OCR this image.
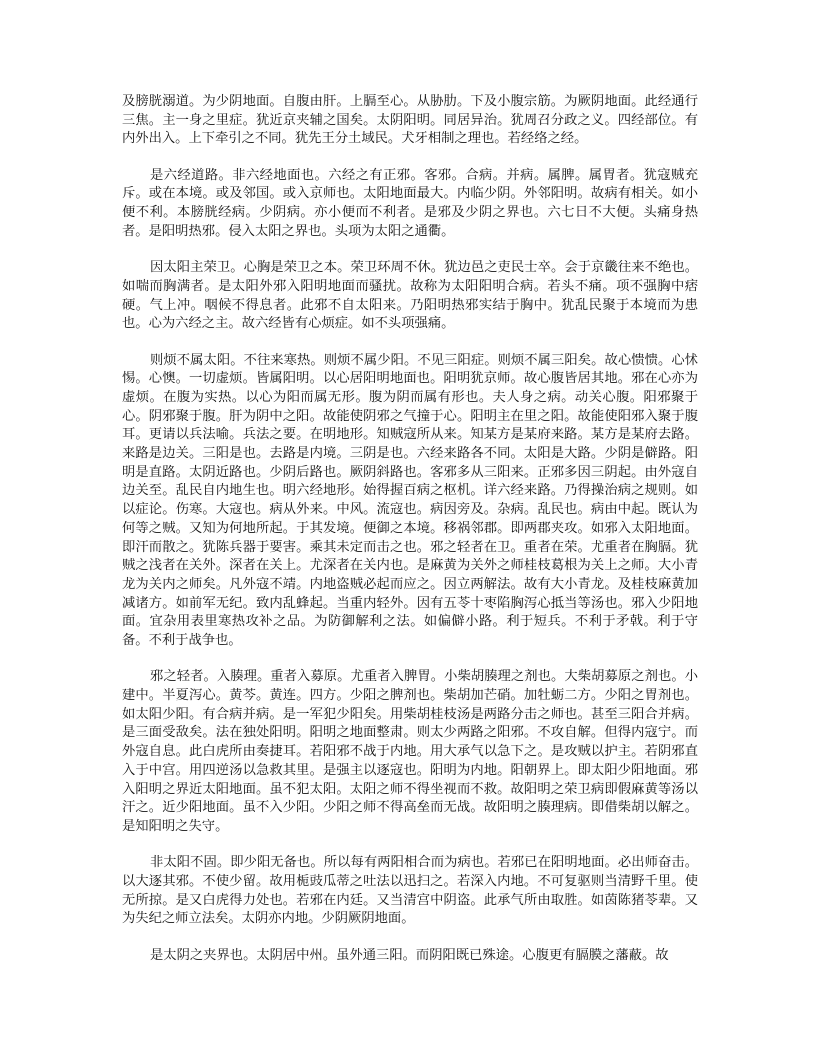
及膀胱溺道。为少阴地面。自腹由肝。上膈至心。从胁肋。下及小腹宗筋。为厥阴地面。此经通行三焦。主一身之里症。犹近京夹辅之国矣。太阴阳明。同居异治。犹周召分政之义。四经部位。有内外出入。上下牵引之不同。犹先王分土域民。犬牙相制之理也。若经络之经。

是六经道路。非六经地面也。六经之有正邪。客邪。合病。并病。属脾。属胃者。犹寇贼充斥。或在本境。或及邻国。或入京师也。太阳地面最大。内临少阴。外邻阳明。故病有相关。如小便不利。本膀胱经病。少阴病。亦小便而不利者。是邪及少阴之界也。六七日不大便。头痛身热者。是阳明热邪。侵入太阳之界也。头项为太阳之通衢。

因太阳主荣卫。心胸是荣卫之本。荣卫环周不休。犹边邑之吏民士卒。会于京畿往来不绝也。如喘而胸满者。是太阳外邪入阳明地面而骚扰。故称为太阳阳明合病。若头不痛。项不强胸中痞硬。气上冲。咽候不得息者。此邪不自太阳来。乃阳明热邪实结于胸中。犹乱民聚于本境而为患也。心为六经之主。故六经皆有心烦症。如不头项强痛。

则烦不属太阳。不往来寒热。则烦不属少阳。不见三阳症。则烦不属三阳矣。故心愦愦。心怵惕。心懊。一切虚烦。皆属阳明。以心居阳明地面也。阳明犹京师。故心腹皆居其地。邪在心亦为虚烦。在腹为实热。以心为阳而属无形。腹为阴而属有形也。夫人身之病。动关心腹。阳邪聚于心。阴邪聚于腹。肝为阴中之阳。故能使阴邪之气撞于心。阳明主在里之阳。故能使阳邪入聚于腹耳。更请以兵法喻。兵法之要。在明地形。知贼寇所从来。知某方是某府来路。某方是某府去路。来路是边关。三阳是也。去路是内境。三阴是也。六经来路各不同。太阳是大路。少阴是僻路。阳明是直路。太阴近路也。少阴后路也。厥阴斜路也。客邪多从三阳来。正邪多因三阴起。由外寇自边关至。乱民自内地生也。明六经地形。始得握百病之枢机。详六经来路。乃得操治病之规则。如以症论。伤寒。大寇也。病从外来。中风。流寇也。病因旁及。杂病。乱民也。病由中起。既认为何等之贼。又知为何地所起。于其发境。便御之本境。移祸邻郡。即两郡夹攻。如邪入太阳地面。即汗而散之。犹陈兵器于要害。乘其未定而击之也。邪之轻者在卫。重者在荣。尤重者在胸膈。犹贼之浅者在关外。深者在关上。尤深者在关内也。是麻黄为关外之师桂枝葛根为关上之师。大小青龙为关内之师矣。凡外寇不靖。内地盗贼必起而应之。因立两解法。故有大小青龙。及桂枝麻黄加减诸方。如前军无纪。致内乱蜂起。当重内轻外。因有五苓十枣陷胸泻心抵当等汤也。邪入少阳地面。宜杂用表里寒热攻补之品。为防御解利之法。如偏僻小路。利于短兵。不利于矛戟。利于守备。不利于战争也。

邪之轻者。入腠理。重者入募原。尤重者入脾胃。小柴胡腠理之剂也。大柴胡募原之剂也。小建中。半夏泻心。黄芩。黄连。四方。少阳之脾剂也。柴胡加芒硝。加牡蛎二方。少阳之胃剂也。如太阳少阳。有合病并病。是一军犯少阳矣。用柴胡桂枝汤是两路分击之师也。甚至三阳合并病。是三面受敌矣。法在独处阳明。阳明之地面整肃。则太少两路之阳邪。不攻自解。但得内寇宁。而外寇自息。此白虎所由奏捷耳。若阳邪不战于内地。用大承气以急下之。是攻贼以护主。若阴邪直入于中宫。用四逆汤以急救其里。是强主以逐寇也。阳明为内地。阳朝界上。即太阳少阳地面。邪入阳明之界近太阳地面。虽不犯太阳。太阳之师不得坐视而不救。故阳明之荣卫病即假麻黄等汤以汗之。近少阳地面。虽不入少阳。少阳之师不得高垒而无战。故阳明之腠理病。即借柴胡以解之。是知阳明之失守。

非太阳不固。即少阳无备也。所以每有两阳相合而为病也。若邪已在阳明地面。必出师奋击。以大逐其邪。不使少留。故用栀豉瓜蒂之吐法以迅扫之。若深入内地。不可复驱则当清野千里。使无所掠。是又白虎得力处也。若邪在内廷。又当清宫中阴盗。此承气所由取胜。如茵陈猪苓辈。又为失纪之师立法矣。太阴亦内地。少阴厥阴地面。

是太阴之夹界也。太阴居中州。虽外通三阳。而阴阳既已殊途。心腹更有膈膜之藩蔽。故
